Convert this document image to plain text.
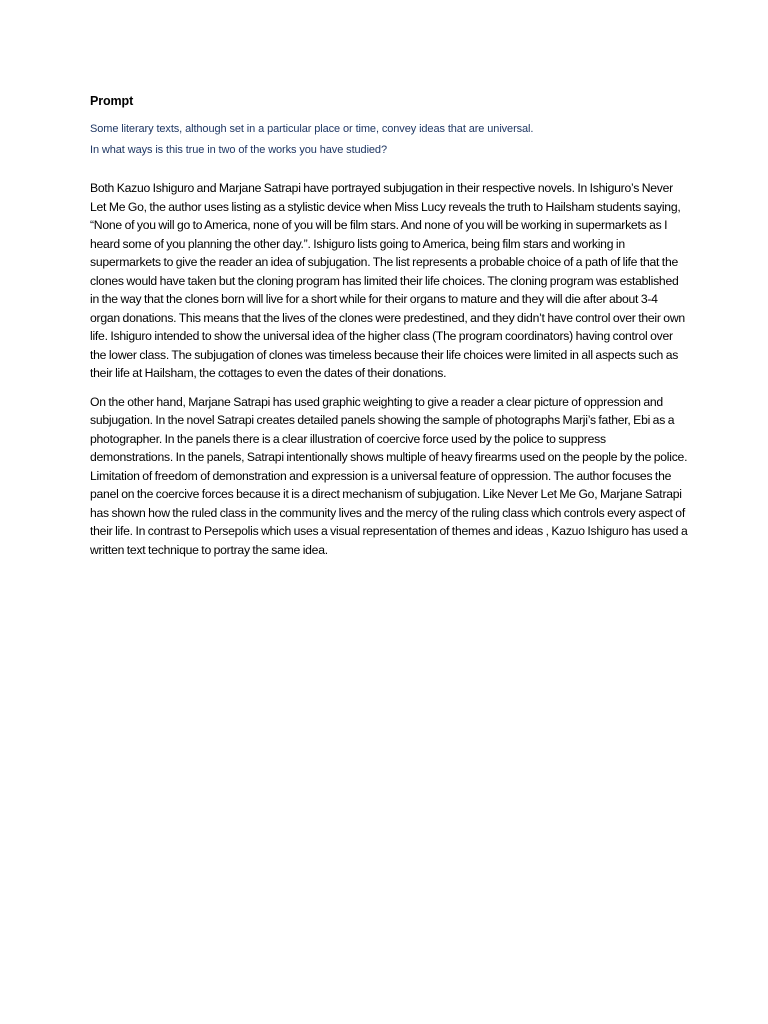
Prompt
Some literary texts, although set in a particular place or time, convey ideas that are universal.
In what ways is this true in two of the works you have studied?

Both Kazuo Ishiguro and Marjane Satrapi have portrayed subjugation in their respective novels. In Ishiguro’s Never Let Me Go, the author uses listing as a stylistic device when Miss Lucy reveals the truth to Hailsham students saying, “None of you will go to America, none of you will be film stars. And none of you will be working in supermarkets as I heard some of you planning the other day.”. Ishiguro lists going to America, being film stars and working in supermarkets to give the reader an idea of subjugation. The list represents a probable choice of a path of life that the clones would have taken but the cloning program has limited their life choices. The cloning program was established in the way that the clones born will live for a short while for their organs to mature and they will die after about 3-4 organ donations. This means that the lives of the clones were predestined, and they didn’t have control over their own life. Ishiguro intended to show the universal idea of the higher class (The program coordinators) having control over the lower class. The subjugation of clones was timeless because their life choices were limited in all aspects such as their life at Hailsham, the cottages to even the dates of their donations.

On the other hand, Marjane Satrapi has used graphic weighting to give a reader a clear picture of oppression and subjugation. In the novel Satrapi creates detailed panels showing the sample of photographs Marji’s father, Ebi as a photographer. In the panels there is a clear illustration of coercive force used by the police to suppress demonstrations. In the panels, Satrapi intentionally shows multiple of heavy firearms used on the people by the police. Limitation of freedom of demonstration and expression is a universal feature of oppression. The author focuses the panel on the coercive forces because it is a direct mechanism of subjugation. Like Never Let Me Go, Marjane Satrapi has shown how the ruled class in the community lives and the mercy of the ruling class which controls every aspect of their life. In contrast to Persepolis which uses a visual representation of themes and ideas , Kazuo Ishiguro has used a written text technique to portray the same idea.
